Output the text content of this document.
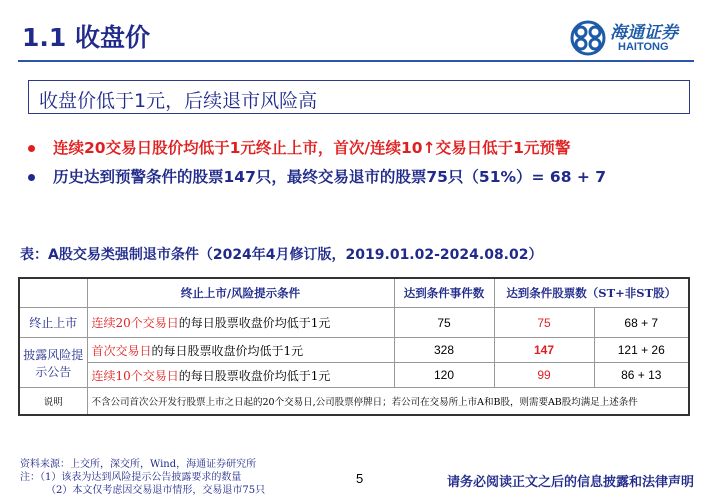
1.1 收盘价	海通证券
HAITONG
收盘价低于1元，后续退市风险高
连续20交易日股价均低于1元终止上市，首次/连续10↑交易日低于1元预警
历史达到预警条件的股票147只，最终交易退市的股票75只（51%）= 68 + 7
表：A股交易类强制退市条件（2024年4月修订版，2019.01.02-2024.08.02）
	终止上市/风险提示条件	达到条件事件数	达到条件股票数（ST+非ST股）	
终止上市	连续20个交易日的每日股票收盘价均低于1元	75	75	68 + 7
披露风险提示公告	首次交易日的每日股票收盘价均低于1元	328	147	121 + 26
	连续10个交易日的每日股票收盘价均低于1元	120	99	86 + 13
说明	不含公司首次公开发行股票上市之日起的20个交易日,公司股票停牌日；若公司在交易所上市A和B股，则需要AB股均满足上述条件			
资料来源：上交所，深交所，Wind，海通证券研究所
注：（1）该表为达到风险提示公告披露要求的数量
（2）本文仅考虑因交易退市情形，交易退市75只
5	请务必阅读正文之后的信息披露和法律声明
